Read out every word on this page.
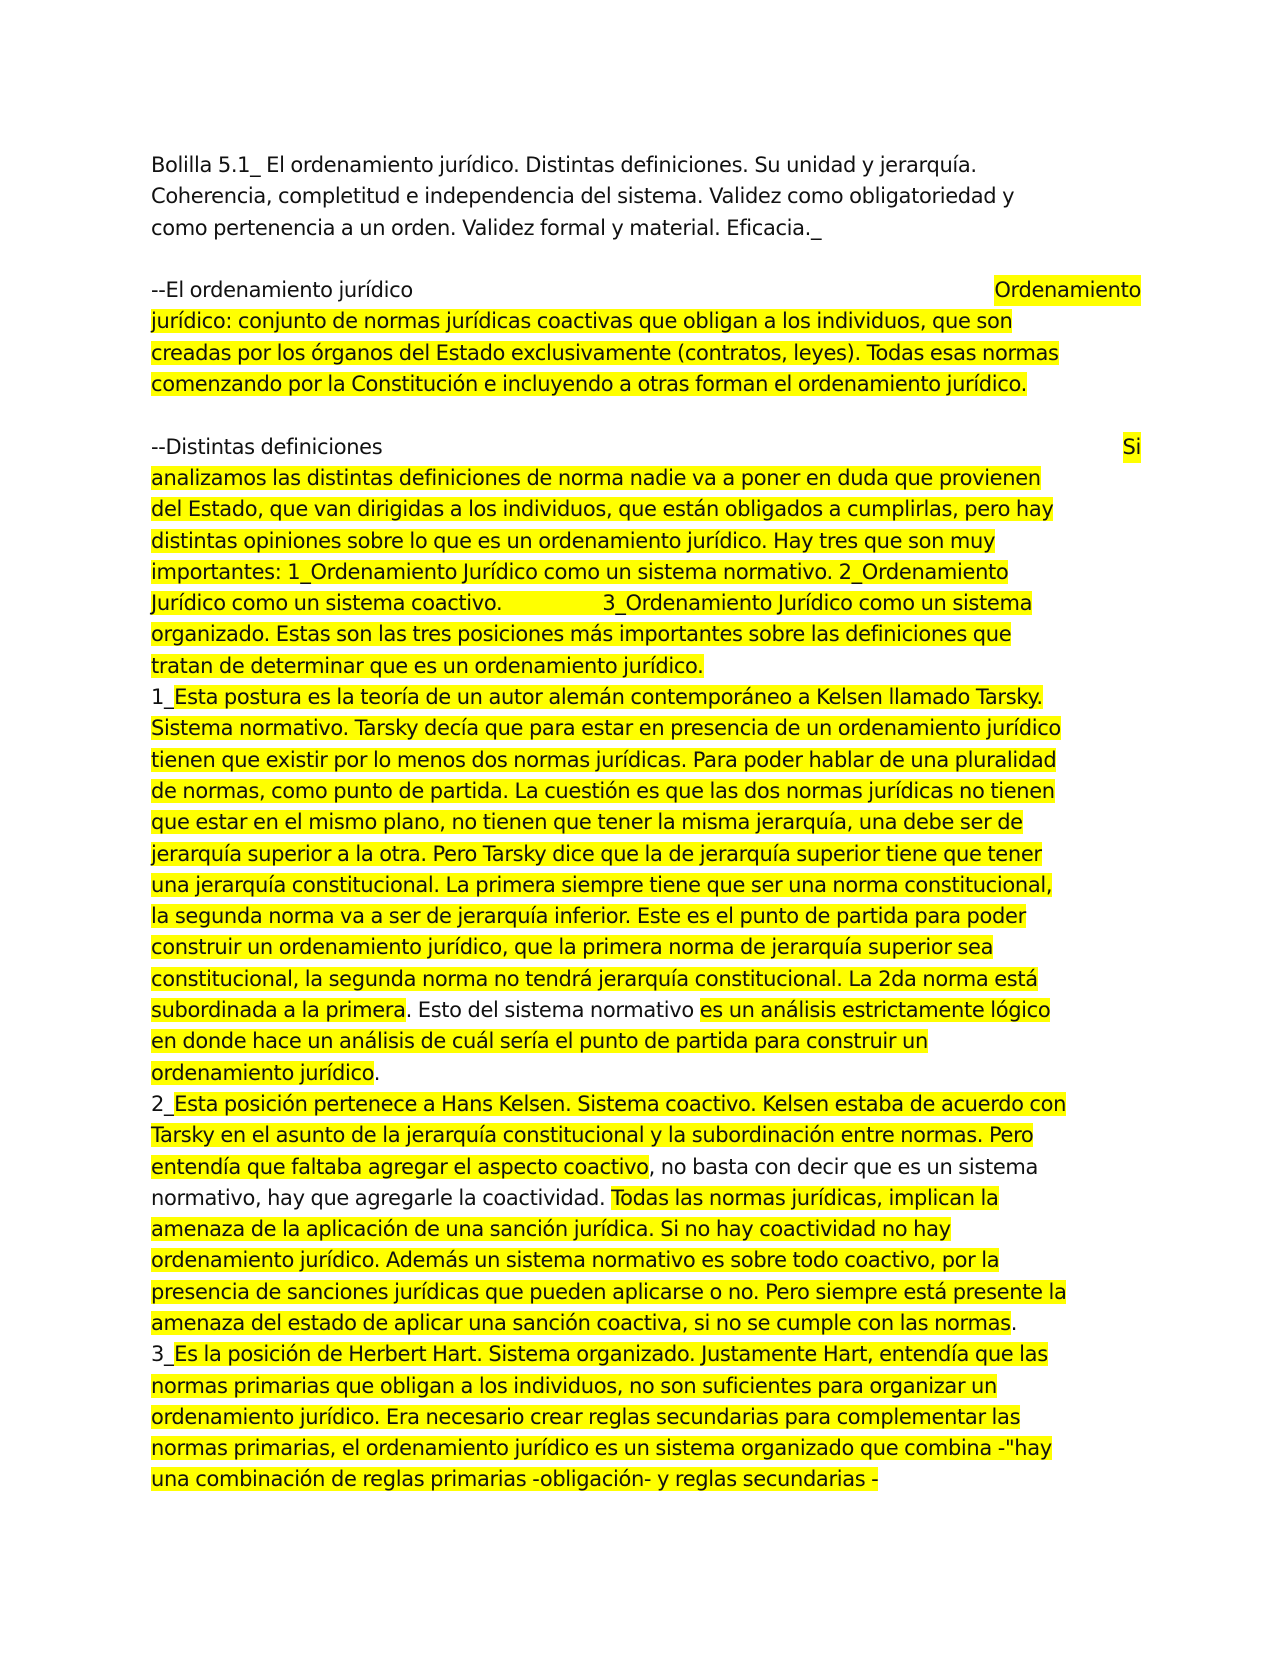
Bolilla 5.1_ El ordenamiento jurídico. Distintas definiciones. Su unidad y jerarquía.
Coherencia, completitud e independencia del sistema. Validez como obligatoriedad y
como pertenencia a un orden. Validez formal y material. Eficacia._
--El ordenamiento jurídico	Ordenamiento
jurídico: conjunto de normas jurídicas coactivas que obligan a los individuos, que son
creadas por los órganos del Estado exclusivamente (contratos, leyes). Todas esas normas
comenzando por la Constitución e incluyendo a otras forman el ordenamiento jurídico.
--Distintas definiciones	Si
analizamos las distintas definiciones de norma nadie va a poner en duda que provienen
del Estado, que van dirigidas a los individuos, que están obligados a cumplirlas, pero hay
distintas opiniones sobre lo que es un ordenamiento jurídico. Hay tres que son muy
importantes: 1_Ordenamiento Jurídico como un sistema normativo. 2_Ordenamiento
Jurídico como un sistema coactivo.	3_Ordenamiento Jurídico como un sistema
organizado. Estas son las tres posiciones más importantes sobre las definiciones que
tratan de determinar que es un ordenamiento jurídico.
1_Esta postura es la teoría de un autor alemán contemporáneo a Kelsen llamado Tarsky.
Sistema normativo. Tarsky decía que para estar en presencia de un ordenamiento jurídico
tienen que existir por lo menos dos normas jurídicas. Para poder hablar de una pluralidad
de normas, como punto de partida. La cuestión es que las dos normas jurídicas no tienen
que estar en el mismo plano, no tienen que tener la misma jerarquía, una debe ser de
jerarquía superior a la otra. Pero Tarsky dice que la de jerarquía superior tiene que tener
una jerarquía constitucional. La primera siempre tiene que ser una norma constitucional,
la segunda norma va a ser de jerarquía inferior. Este es el punto de partida para poder
construir un ordenamiento jurídico, que la primera norma de jerarquía superior sea
constitucional, la segunda norma no tendrá jerarquía constitucional. La 2da norma está
subordinada a la primera. Esto del sistema normativo es un análisis estrictamente lógico
en donde hace un análisis de cuál sería el punto de partida para construir un
ordenamiento jurídico.
2_Esta posición pertenece a Hans Kelsen. Sistema coactivo. Kelsen estaba de acuerdo con
Tarsky en el asunto de la jerarquía constitucional y la subordinación entre normas. Pero
entendía que faltaba agregar el aspecto coactivo, no basta con decir que es un sistema
normativo, hay que agregarle la coactividad. Todas las normas jurídicas, implican la
amenaza de la aplicación de una sanción jurídica. Si no hay coactividad no hay
ordenamiento jurídico. Además un sistema normativo es sobre todo coactivo, por la
presencia de sanciones jurídicas que pueden aplicarse o no. Pero siempre está presente la
amenaza del estado de aplicar una sanción coactiva, si no se cumple con las normas.
3_Es la posición de Herbert Hart. Sistema organizado. Justamente Hart, entendía que las
normas primarias que obligan a los individuos, no son suficientes para organizar un
ordenamiento jurídico. Era necesario crear reglas secundarias para complementar las
normas primarias, el ordenamiento jurídico es un sistema organizado que combina -"hay
una combinación de reglas primarias -obligación- y reglas secundarias -
